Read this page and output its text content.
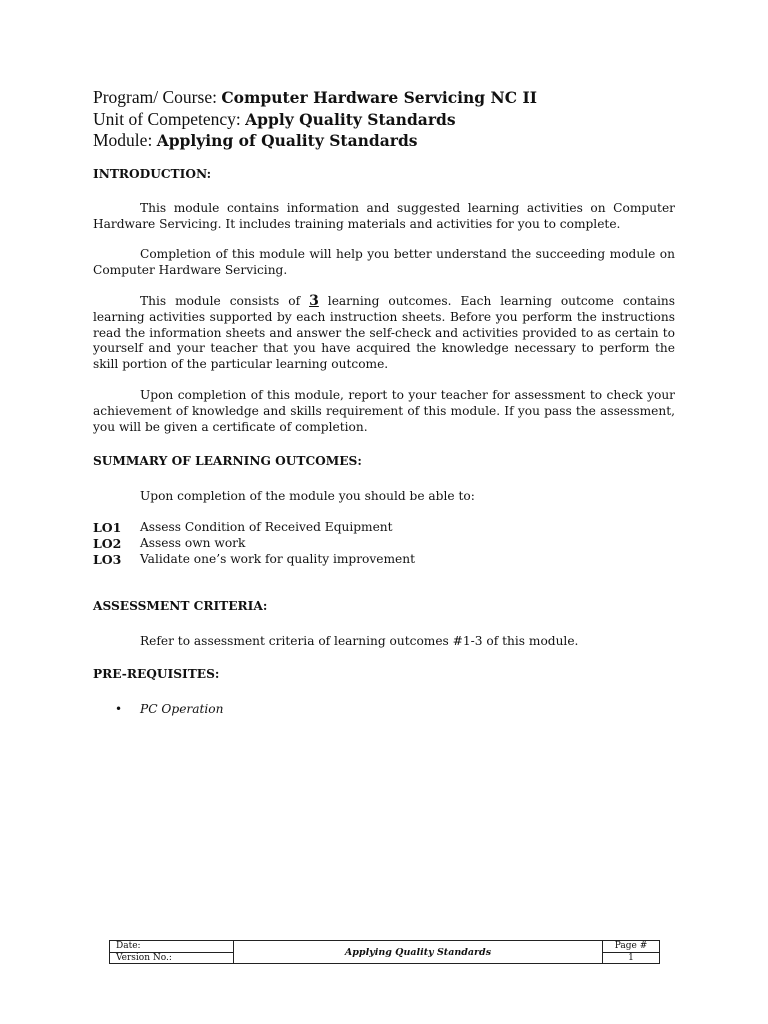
Program/ Course: Computer Hardware Servicing NC II
Unit of Competency: Apply Quality Standards
Module: Applying of Quality Standards
INTRODUCTION:

This module contains information and suggested learning activities on Computer Hardware Servicing. It includes training materials and activities for you to complete.

Completion of this module will help you better understand the succeeding module on Computer Hardware Servicing.

This module consists of 3 learning outcomes. Each learning outcome contains learning activities supported by each instruction sheets. Before you perform the instructions read the information sheets and answer the self-check and activities provided to as certain to yourself and your teacher that you have acquired the knowledge necessary to perform the skill portion of the particular learning outcome.

Upon completion of this module, report to your teacher for assessment to check your achievement of knowledge and skills requirement of this module. If you pass the assessment, you will be given a certificate of completion.

SUMMARY OF LEARNING OUTCOMES:

Upon completion of the module you should be able to:

LO1	Assess Condition of Received Equipment
LO2	Assess own work
LO3	Validate one’s work for quality improvement
ASSESSMENT CRITERIA:

Refer to assessment criteria of learning outcomes #1-3 of this module.

PRE-REQUISITES:
•	PC Operation
Date:
Version No.:
Applying Quality Standards
Page #
1
